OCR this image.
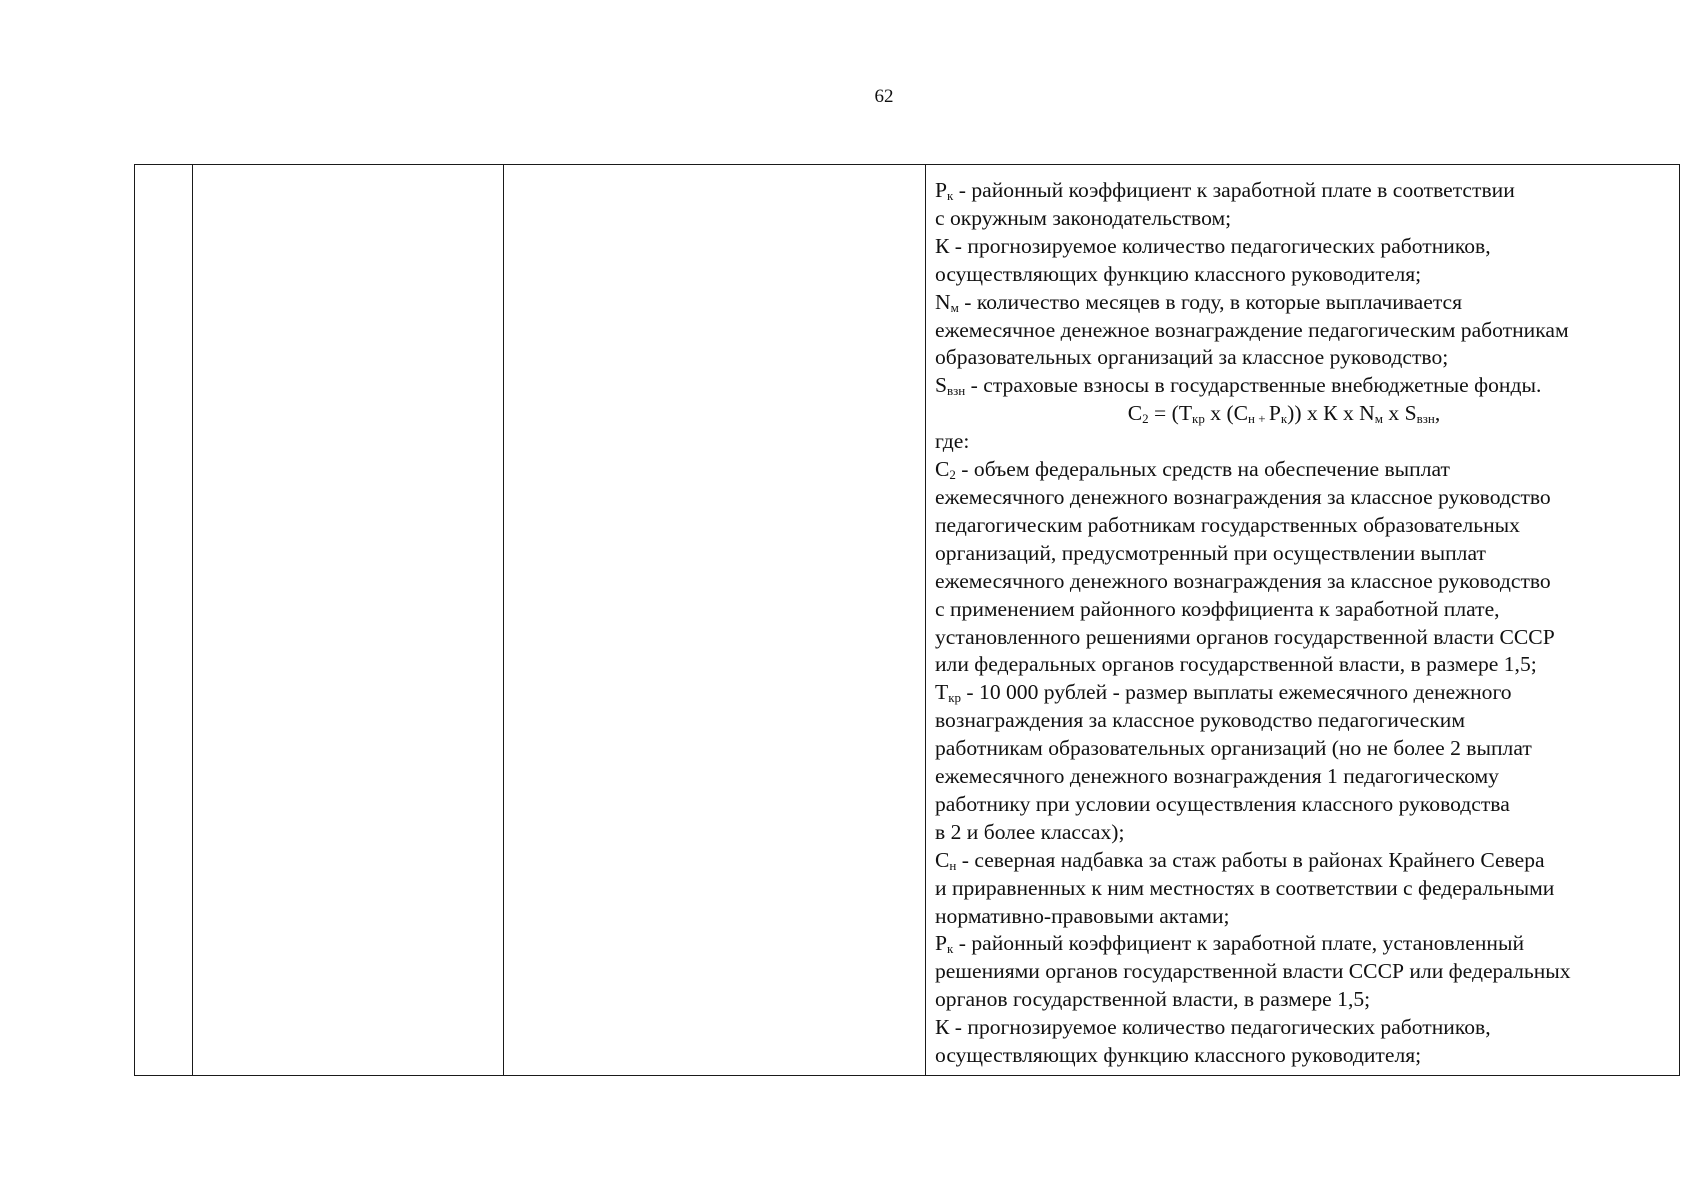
62

$Р_к$ - районный коэффициент к заработной плате в соответствии
с окружным законодательством;
К - прогнозируемое количество педагогических работников,
осуществляющих функцию классного руководителя;
$N_м$ - количество месяцев в году, в которые выплачивается
ежемесячное денежное вознаграждение педагогическим работникам
образовательных организаций за классное руководство;
$S_{взн}$ - страховые взносы в государственные внебюджетные фонды.
$С_2 = (Т_{кр}$ х ($С_{н +}$ $Р_к$)) х К х $N_м$ х $S_{взн}$,
где:
$С_2$ - объем федеральных средств на обеспечение выплат
ежемесячного денежного вознаграждения за классное руководство
педагогическим работникам государственных образовательных
организаций, предусмотренный при осуществлении выплат
ежемесячного денежного вознаграждения за классное руководство
с применением районного коэффициента к заработной плате,
установленного решениями органов государственной власти СССР
или федеральных органов государственной власти, в размере 1,5;
$Т_{кр} - 10$ 000 рублей - размер выплаты ежемесячного денежного
вознаграждения за классное руководство педагогическим
работникам образовательных организаций (но не более 2 выплат
ежемесячного денежного вознаграждения 1 педагогическому
работнику при условии осуществления классного руководства
в 2 и более классах);
$С_н$ - северная надбавка за стаж работы в районах Крайнего Севера
и приравненных к ним местностях в соответствии с федеральными
нормативно-правовыми актами;
$Р_к$ - районный коэффициент к заработной плате, установленный
решениями органов государственной власти СССР или федеральных
органов государственной власти, в размере 1,5;
К - прогнозируемое количество педагогических работников,
осуществляющих функцию классного руководителя;
